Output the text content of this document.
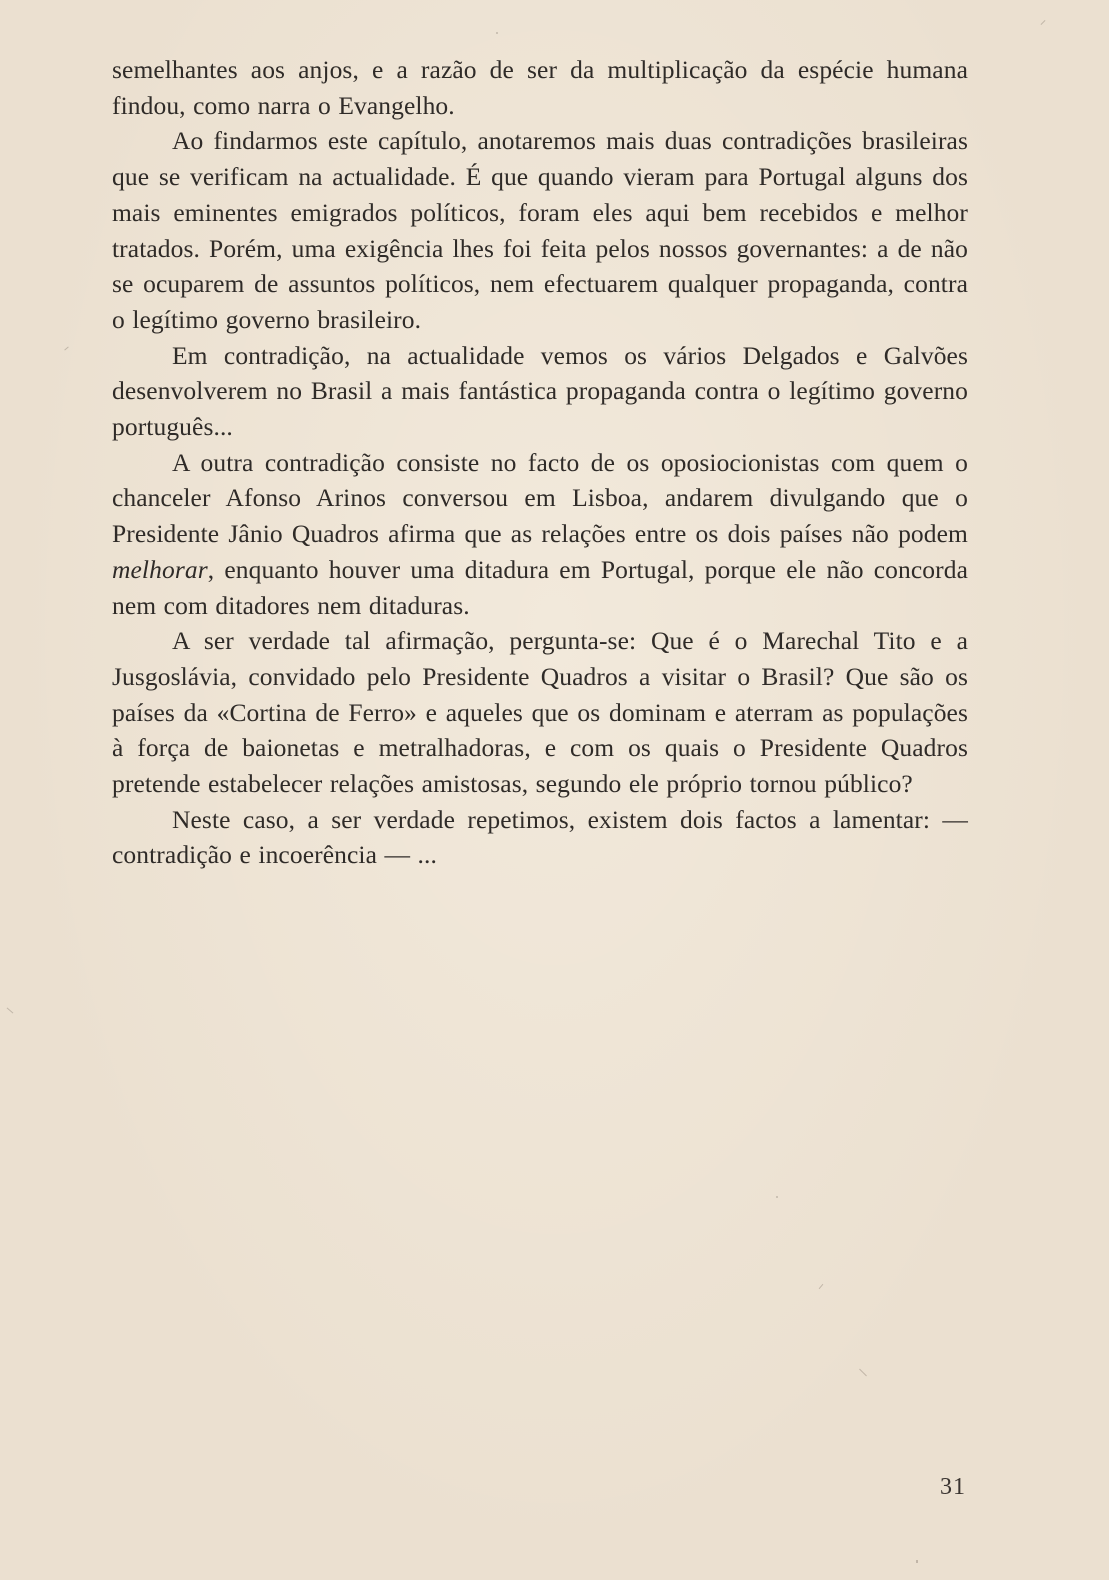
semelhantes aos anjos, e a razão de ser da multiplicação da espécie humana findou, como narra o Evangelho.

Ao findarmos este capítulo, anotaremos mais duas contradições brasileiras que se verificam na actualidade. É que quando vieram para Portugal alguns dos mais eminentes emigrados políticos, foram eles aqui bem recebidos e melhor tratados. Porém, uma exigência lhes foi feita pelos nossos governantes: a de não se ocuparem de assuntos políticos, nem efectuarem qualquer propaganda, contra o legítimo governo brasileiro.

Em contradição, na actualidade vemos os vários Delgados e Galvões desenvolverem no Brasil a mais fantástica propaganda contra o legítimo governo português...

A outra contradição consiste no facto de os oposiocionistas com quem o chanceler Afonso Arinos conversou em Lisboa, andarem divulgando que o Presidente Jânio Quadros afirma que as relações entre os dois países não podem melhorar, enquanto houver uma ditadura em Portugal, porque ele não concorda nem com ditadores nem ditaduras.

A ser verdade tal afirmação, pergunta-se: Que é o Marechal Tito e a Jusgoslávia, convidado pelo Presidente Quadros a visitar o Brasil? Que são os países da «Cortina de Ferro» e aqueles que os dominam e aterram as populações à força de baionetas e metralhadoras, e com os quais o Presidente Quadros pretende estabelecer relações amistosas, segundo ele próprio tornou público?

Neste caso, a ser verdade repetimos, existem dois factos a lamentar: — contradição e incoerência — ...

31
